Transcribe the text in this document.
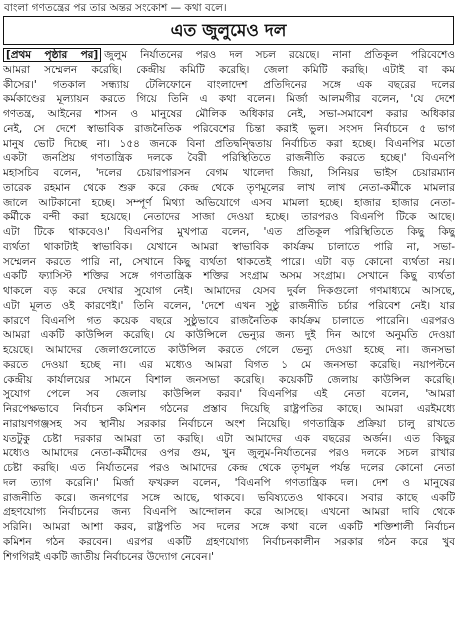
বাংলা গণতন্ত্রের পর তার অন্তর সংকোশ — কথা বলে।
এত জুলুমেও দল
[প্রথম পৃষ্ঠার পর] জুলুম নির্যাতনের পরও দল সচল রয়েছে। নানা প্রতিকূল পরিবেশেও
আমরা সম্মেলন করেছি। কেন্দ্রীয় কমিটি করেছি। জেলা কমিটি করছি। এটাই বা কম
কীসের।' গতকাল সন্ধ্যায় টেলিফোনে বাংলাদেশ প্রতিদিনের সঙ্গে এক বছরের দলের
কর্মকাণ্ডের মূল্যায়ন করতে গিয়ে তিনি এ কথা বলেন। মির্জা আলমগীর বলেন, 'যে দেশে
গণতন্ত্র, আইনের শাসন ও মানুষের মৌলিক অধিকার নেই, সভা-সমাবেশ করার অধিকার
নেই, সে দেশে স্বাভাবিক রাজনৈতিক পরিবেশের চিন্তা করাই ভুল। সংসদ নির্বাচনে ৫ ভাগ
মানুষ ভোট দিচ্ছে না। ১৫৪ জনকে বিনা প্রতিদ্বন্দ্বিতায় নির্বাচিত করা হচ্ছে। বিএনপির মতো
একটা জনপ্রিয় গণতান্ত্রিক দলকে বৈরী পরিস্থিতিতে রাজনীতি করতে হচ্ছে।' বিএনপি
মহাসচিব বলেন, 'দলের চেয়ারপারসন বেগম খালেদা জিয়া, সিনিয়র ভাইস চেয়ারম্যান
তারেক রহমান থেকে শুরু করে কেন্দ্র থেকে তৃণমূলের লাখ লাখ নেতা-কর্মীকে মামলার
জালে আটকানো হচ্ছে। সম্পূর্ণ মিথ্যা অভিযোগে এসব মামলা হচ্ছে। হাজার হাজার নেতা-
কর্মীকে বন্দী করা হয়েছে। নেতাদের সাজা দেওয়া হচ্ছে। তারপরও বিএনপি টিকে আছে।
এটা টিকে থাকবেও।' বিএনপির মুখপাত্র বলেন, 'এত প্রতিকূল পরিস্থিতিতে কিছু কিছু
ব্যর্থতা থাকাটাই স্বাভাবিক। যেখানে আমরা স্বাভাবিক কার্যক্রম চালাতে পারি না, সভা-
সম্মেলন করতে পারি না, সেখানে কিছু ব্যর্থতা থাকতেই পারে। এটা বড় কোনো ব্যর্থতা নয়।
একটি ফ্যাসিস্ট শক্তির সঙ্গে গণতান্ত্রিক শক্তির সংগ্রাম অসম সংগ্রাম। সেখানে কিছু ব্যর্থতা
থাকলে বড় করে দেখার সুযোগ নেই। আমাদের যেসব দুর্বল দিকগুলো গণমাধ্যমে আসছে,
এটা মূলত ওই কারণেই।' তিনি বলেন, 'দেশে এখন সুষ্ঠু রাজনীতি চর্চার পরিবেশ নেই। যার
কারণে বিএনপি গত কয়েক বছরে সুষ্ঠুভাবে রাজনৈতিক কার্যক্রম চালাতে পারেনি। এরপরও
আমরা একটি কাউন্সিল করেছি। যে কাউন্সিলে ভেন্যুর জন্য দুই দিন আগে অনুমতি দেওয়া
হয়েছে। আমাদের জেলাগুলোতে কাউন্সিল করতে গেলে ভেন্যু দেওয়া হচ্ছে না। জনসভা
করতে দেওয়া হচ্ছে না। এর মধ্যেও আমরা বিগত ১ মে জনসভা করেছি। নয়াপল্টনে
কেন্দ্রীয় কার্যালয়ের সামনে বিশাল জনসভা করেছি। কয়েকটি জেলায় কাউন্সিল করেছি।
সুযোগ পেলে সব জেলায় কাউন্সিল করব।' বিএনপির এই নেতা বলেন, 'আমরা
নিরপেক্ষভাবে নির্বাচন কমিশন গঠনের প্রস্তাব দিয়েছি রাষ্ট্রপতির কাছে। আমরা এরইমধ্যে
নারায়ণগঞ্জসহ সব স্থানীয় সরকার নির্বাচনে অংশ নিয়েছি। গণতান্ত্রিক প্রক্রিয়া চালু রাখতে
যতটুকু চেষ্টা দরকার আমরা তা করছি। এটা আমাদের এক বছরের অর্জন। এত কিছুর
মধ্যেও আমাদের নেতা-কর্মীদের ওপর গুম, খুন জুলুম-নির্যাতনের পরও দলকে সচল রাখার
চেষ্টা করছি। এত নির্যাতনের পরও আমাদের কেন্দ্র থেকে তৃণমূল পর্যন্ত দলের কোনো নেতা
দল ত্যাগ করেনি।' মির্জা ফখরুল বলেন, 'বিএনপি গণতান্ত্রিক দল। দেশ ও মানুষের
রাজনীতি করে। জনগণের সঙ্গে আছে, থাকবে। ভবিষ্যতেও থাকবে। সবার কাছে একটি
গ্রহণযোগ্য নির্বাচনের জন্য বিএনপি আন্দোলন করে আসছে। এখনো আমরা দাবি থেকে
সরিনি। আমরা আশা করব, রাষ্ট্রপতি সব দলের সঙ্গে কথা বলে একটি শক্তিশালী নির্বাচন
কমিশন গঠন করবেন। এরপর একটি গ্রহণযোগ্য নির্বাচনকালীন সরকার গঠন করে খুব
শিগগিরই একটি জাতীয় নির্বাচনের উদ্যোগ নেবেন।'
